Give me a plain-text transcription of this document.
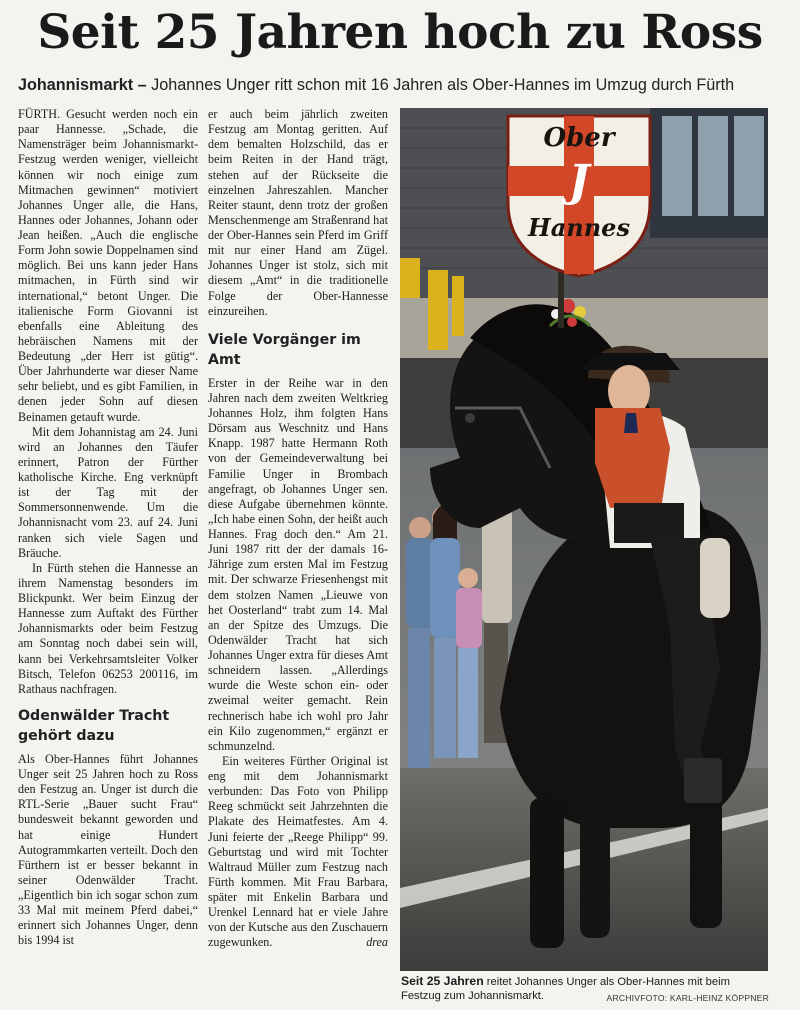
Seit 25 Jahren hoch zu Ross
Johannismarkt – Johannes Unger ritt schon mit 16 Jahren als Ober-Hannes im Umzug durch Fürth

FÜRTH. Gesucht werden noch ein paar Hannesse. „Schade, die Namensträger beim Johannismarkt-Festzug werden weniger, vielleicht können wir noch einige zum Mitmachen gewinnen“ motiviert Johannes Unger alle, die Hans, Hannes oder Johannes, Johann oder Jean heißen. „Auch die englische Form John sowie Doppelnamen sind möglich. Bei uns kann jeder Hans mitmachen, in Fürth sind wir international,“ betont Unger. Die italienische Form Giovanni ist ebenfalls eine Ableitung des hebräischen Namens mit der Bedeutung „der Herr ist gütig“. Über Jahrhunderte war dieser Name sehr beliebt, und es gibt Familien, in denen jeder Sohn auf diesen Beinamen getauft wurde.

Mit dem Johannistag am 24. Juni wird an Johannes den Täufer erinnert, Patron der Fürther katholische Kirche. Eng verknüpft ist der Tag mit der Sommersonnenwende. Um die Johannisnacht vom 23. auf 24. Juni ranken sich viele Sagen und Bräuche.

In Fürth stehen die Hannesse an ihrem Namenstag besonders im Blickpunkt. Wer beim Einzug der Hannesse zum Auftakt des Fürther Johannismarkts oder beim Festzug am Sonntag noch dabei sein will, kann bei Verkehrsamtsleiter Volker Bitsch, Telefon 06253 200116, im Rathaus nachfragen.

Odenwälder Tracht gehört dazu

Als Ober-Hannes führt Johannes Unger seit 25 Jahren hoch zu Ross den Festzug an. Unger ist durch die RTL-Serie „Bauer sucht Frau“ bundesweit bekannt geworden und hat einige Hundert Autogrammkarten verteilt. Doch den Fürthern ist er besser bekannt in seiner Odenwälder Tracht. „Eigentlich bin ich sogar schon zum 33 Mal mit meinem Pferd dabei,“ erinnert sich Johannes Unger, denn bis 1994 ist

er auch beim jährlich zweiten Festzug am Montag geritten. Auf dem bemalten Holzschild, das er beim Reiten in der Hand trägt, stehen auf der Rückseite die einzelnen Jahreszahlen. Mancher Reiter staunt, denn trotz der großen Menschenmenge am Straßenrand hat der Ober-Hannes sein Pferd im Griff mit nur einer Hand am Zügel. Johannes Unger ist stolz, sich mit diesem „Amt“ in die traditionelle Folge der Ober-Hannesse einzureihen.

Viele Vorgänger im Amt

Erster in der Reihe war in den Jahren nach dem zweiten Weltkrieg Johannes Holz, ihm folgten Hans Dörsam aus Weschnitz und Hans Knapp. 1987 hatte Hermann Roth von der Gemeindeverwaltung bei Familie Unger in Brombach angefragt, ob Johannes Unger sen. diese Aufgabe übernehmen könnte. „Ich habe einen Sohn, der heißt auch Hannes. Frag doch den.“ Am 21. Juni 1987 ritt der der damals 16-Jährige zum ersten Mal im Festzug mit. Der schwarze Friesenhengst mit dem stolzen Namen „Lieuwe von het Oosterland“ trabt zum 14. Mal an der Spitze des Umzugs. Die Odenwälder Tracht hat sich Johannes Unger extra für dieses Amt schneidern lassen. „Allerdings wurde die Weste schon ein- oder zweimal weiter gemacht. Rein rechnerisch habe ich wohl pro Jahr ein Kilo zugenommen,“ ergänzt er schmunzelnd.

Ein weiteres Fürther Original ist eng mit dem Johannismarkt verbunden: Das Foto von Philipp Reeg schmückt seit Jahrzehnten die Plakate des Heimatfestes. Am 4. Juni feierte der „Reege Philipp“ 99. Geburtstag und wird mit Tochter Waltraud Müller zum Festzug nach Fürth kommen. Mit Frau Barbara, später mit Enkelin Barbara und Urenkel Lennard hat er viele Jahre von der Kutsche aus den Zuschauern zugewunken.	drea

Ober
J
Hannes
Seit 25 Jahren reitet Johannes Unger als Ober-Hannes mit beim Festzug zum Johannismarkt.	ARCHIVFOTO: KARL-HEINZ KÖPPNER
